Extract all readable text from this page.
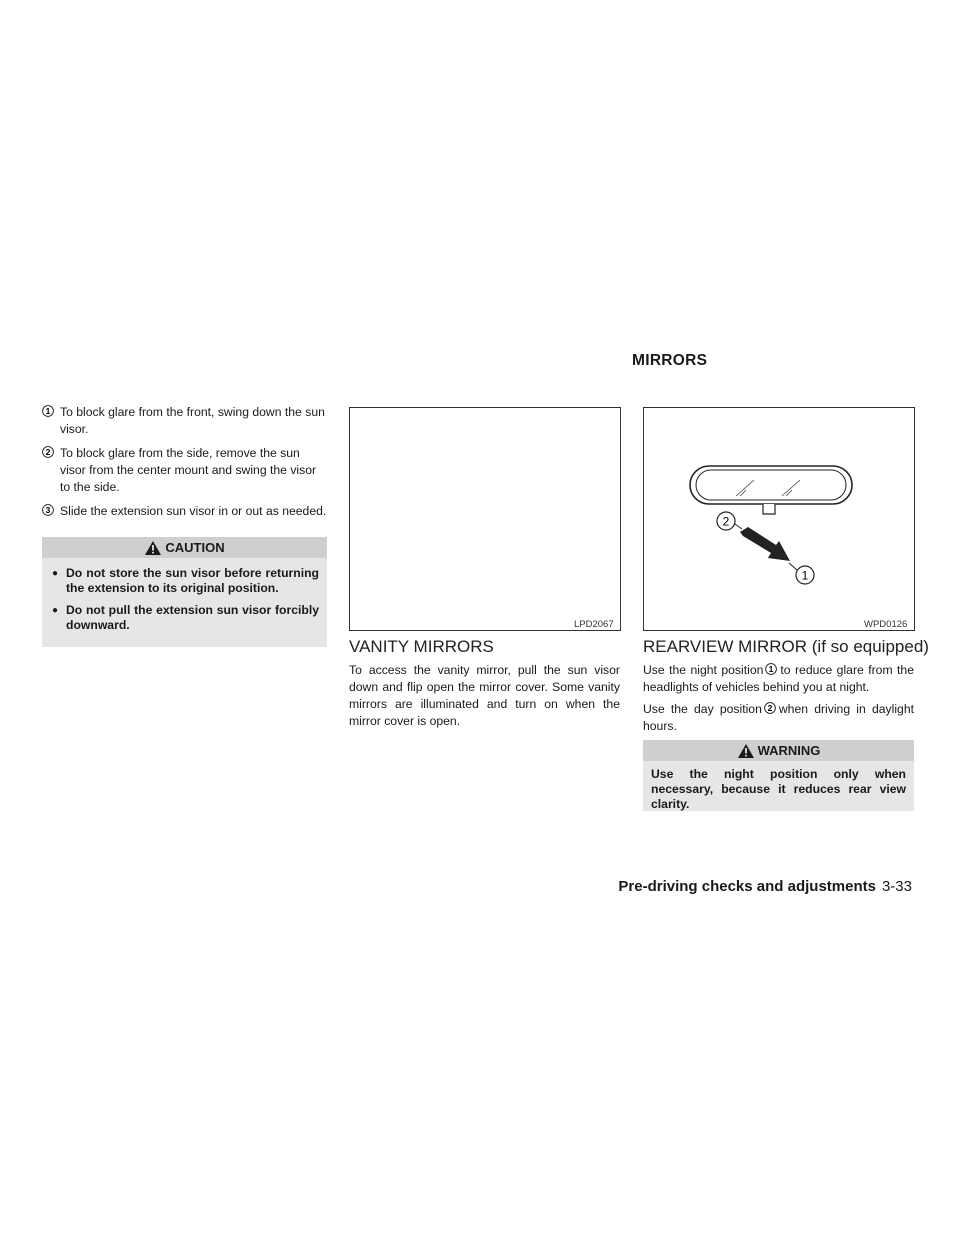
MIRRORS
1 To block glare from the front, swing down the sun visor.
2 To block glare from the side, remove the sun visor from the center mount and swing the visor to the side.
3 Slide the extension sun visor in or out as needed.
CAUTION
● Do not store the sun visor before returning the extension to its original position.
● Do not pull the extension sun visor forcibly downward.	LPD2067
VANITY MIRRORS
To access the vanity mirror, pull the sun visor down and flip open the mirror cover. Some vanity mirrors are illuminated and turn on when the mirror cover is open.
2
1
WPD0126
REARVIEW MIRROR (if so equipped)
Use the night position 1 to reduce glare from the headlights of vehicles behind you at night.
Use the day position 2 when driving in daylight hours.
WARNING
Use the night position only when necessary, because it reduces rear view clarity.
Pre-driving checks and adjustments 3-33
